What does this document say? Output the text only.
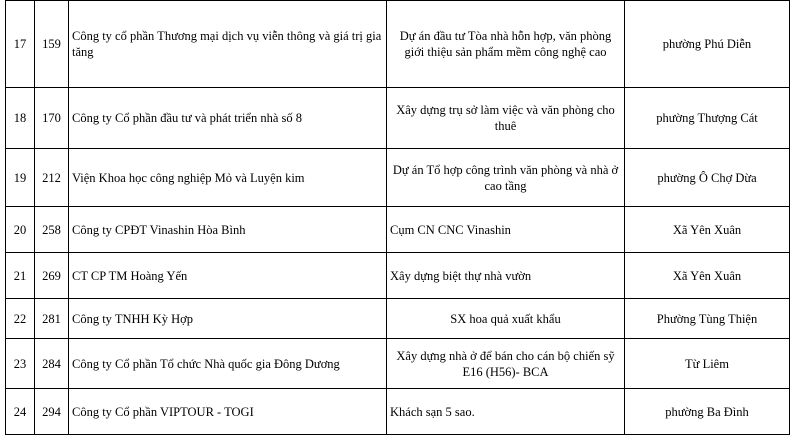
17	159	Công ty cổ phần Thương mại dịch vụ viễn thông và giá trị gia tăng	Dự án đầu tư Tòa nhà hỗn hợp, văn phòng giới thiệu sản phẩm mềm công nghệ cao	phường Phú Diễn
18	170	Công ty Cổ phần đầu tư và phát triển nhà số 8	Xây dựng trụ sở làm việc và văn phòng cho thuê	phường Thượng Cát
19	212	Viện Khoa học công nghiệp Mỏ và Luyện kim	Dự án Tổ hợp công trình văn phòng và nhà ở cao tầng	phường Ô Chợ Dừa
20	258	Công ty CPĐT Vinashin Hòa Bình	Cụm CN CNC Vinashin	Xã Yên Xuân
21	269	CT CP TM Hoàng Yến	Xây dựng biệt thự nhà vườn	Xã Yên Xuân
22	281	Công ty TNHH Kỳ Hợp	SX hoa quả xuất khẩu	Phường Tùng Thiện
23	284	Công ty Cổ phần Tổ chức Nhà quốc gia Đông Dương	Xây dựng nhà ở để bán cho cán bộ chiến sỹ E16 (H56)- BCA	Từ Liêm
24	294	Công ty Cổ phần VIPTOUR - TOGI	Khách sạn 5 sao.	phường Ba Đình
